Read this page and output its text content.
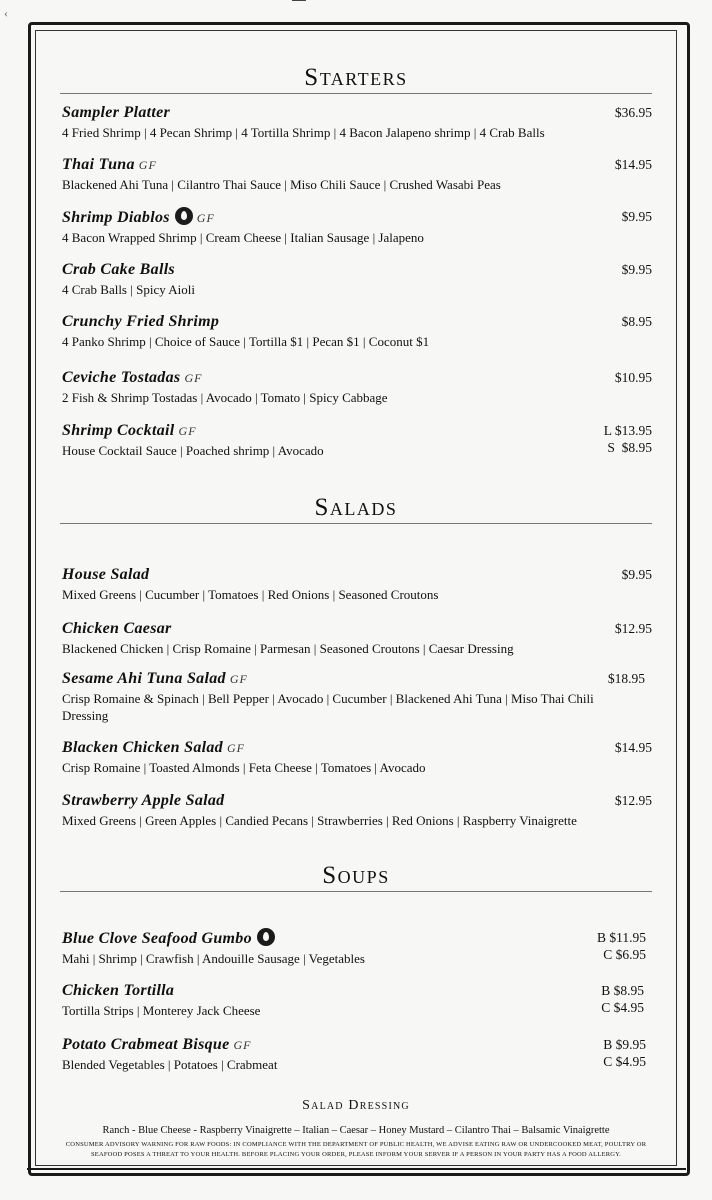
‹
Starters
Sampler Platter
4 Fried Shrimp | 4 Pecan Shrimp | 4 Tortilla Shrimp | 4 Bacon Jalapeno shrimp | 4 Crab Balls
$36.95
Thai Tuna GF
Blackened Ahi Tuna | Cilantro Thai Sauce | Miso Chili Sauce | Crushed Wasabi Peas
$14.95
Shrimp Diablos GF
4 Bacon Wrapped Shrimp | Cream Cheese | Italian Sausage | Jalapeno
$9.95
Crab Cake Balls
4 Crab Balls | Spicy Aioli
$9.95
Crunchy Fried Shrimp
4 Panko Shrimp | Choice of Sauce | Tortilla $1 | Pecan $1 | Coconut $1
$8.95
Ceviche Tostadas GF
2 Fish & Shrimp Tostadas | Avocado | Tomato | Spicy Cabbage
$10.95
Shrimp Cocktail GF
House Cocktail Sauce | Poached shrimp | Avocado
L $13.95
S  $8.95
Salads
House Salad
Mixed Greens | Cucumber | Tomatoes | Red Onions | Seasoned Croutons
$9.95
Chicken Caesar
Blackened Chicken | Crisp Romaine | Parmesan | Seasoned Croutons | Caesar Dressing
$12.95
Sesame Ahi Tuna Salad GF
Crisp Romaine & Spinach | Bell Pepper | Avocado | Cucumber | Blackened Ahi Tuna | Miso Thai Chili Dressing
$18.95
Blacken Chicken Salad GF
Crisp Romaine | Toasted Almonds | Feta Cheese | Tomatoes | Avocado
$14.95
Strawberry Apple Salad
Mixed Greens | Green Apples | Candied Pecans | Strawberries | Red Onions | Raspberry Vinaigrette
$12.95
Soups
Blue Clove Seafood Gumbo
Mahi | Shrimp | Crawfish | Andouille Sausage | Vegetables
B $11.95
C $6.95
Chicken Tortilla
Tortilla Strips | Monterey Jack Cheese
B $8.95
C $4.95
Potato Crabmeat Bisque GF
Blended Vegetables | Potatoes | Crabmeat
B $9.95
C $4.95
Salad Dressing
Ranch - Blue Cheese - Raspberry Vinaigrette – Italian – Caesar – Honey Mustard – Cilantro Thai – Balsamic Vinaigrette
CONSUMER ADVISORY WARNING FOR RAW FOODS: IN COMPLIANCE WITH THE DEPARTMENT OF PUBLIC HEALTH, WE ADVISE EATING RAW OR UNDERCOOKED MEAT, POULTRY OR SEAFOOD POSES A THREAT TO YOUR HEALTH. BEFORE PLACING YOUR ORDER, PLEASE INFORM YOUR SERVER IF A PERSON IN YOUR PARTY HAS A FOOD ALLERGY.
